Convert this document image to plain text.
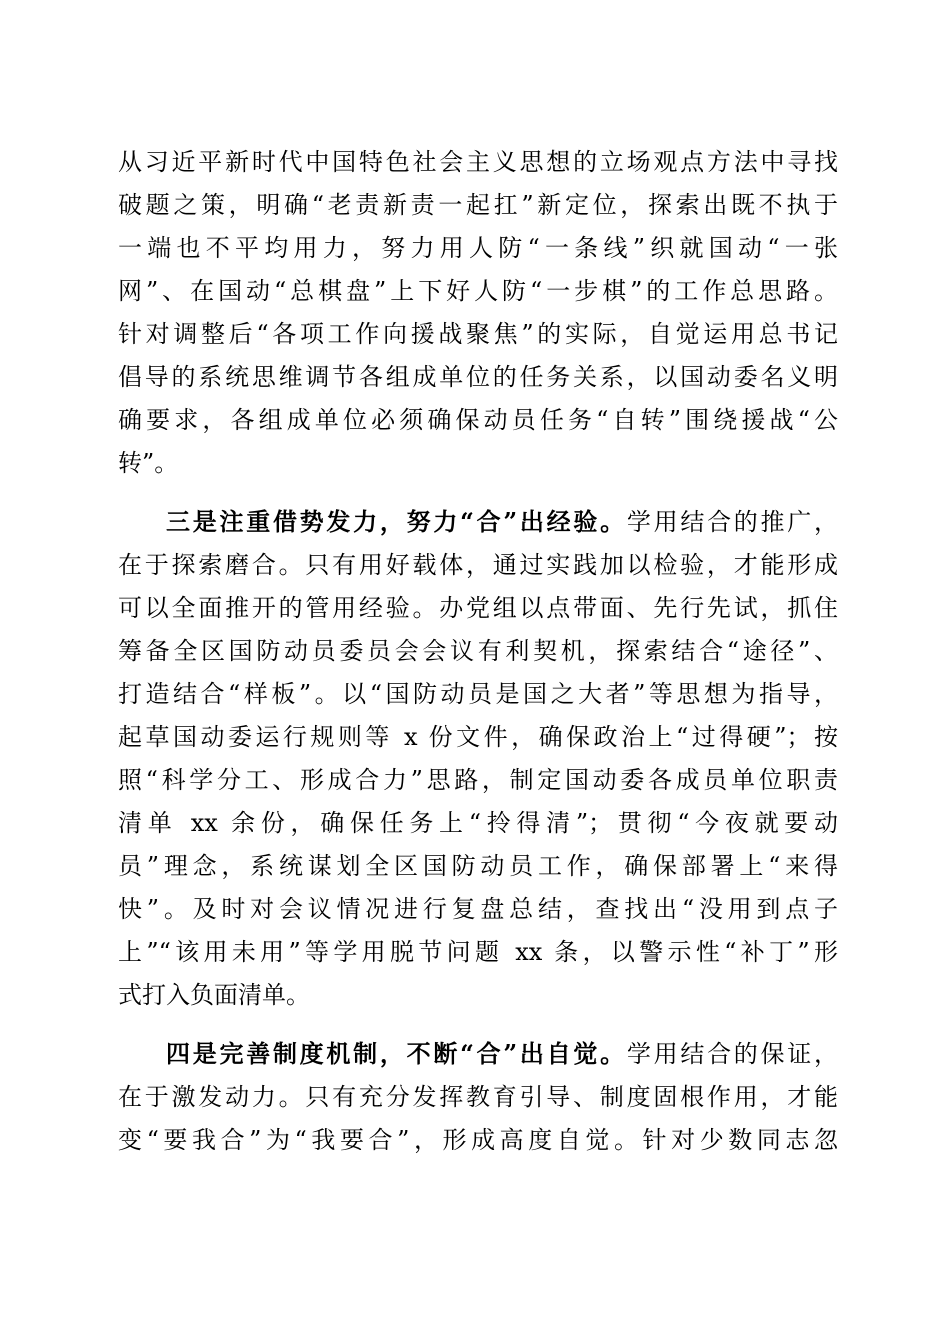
从习近平新时代中国特色社会主义思想的立场观点方法中寻找
破题之策，明确“老责新责一起扛”新定位，探索出既不执于
一端也不平均用力，努力用人防“一条线”织就国动“一张
网”、在国动“总棋盘”上下好人防“一步棋”的工作总思路。
针对调整后“各项工作向援战聚焦”的实际，自觉运用总书记
倡导的系统思维调节各组成单位的任务关系，以国动委名义明
确要求，各组成单位必须确保动员任务“自转”围绕援战“公
转”。
三是注重借势发力，努力“合”出经验。学用结合的推广，
在于探索磨合。只有用好载体，通过实践加以检验，才能形成
可以全面推开的管用经验。办党组以点带面、先行先试，抓住
筹备全区国防动员委员会会议有利契机，探索结合“途径”、
打造结合“样板”。以“国防动员是国之大者”等思想为指导，
起草国动委运行规则等 x 份文件，确保政治上“过得硬”；按
照“科学分工、形成合力”思路，制定国动委各成员单位职责
清单 xx 余份，确保任务上“拎得清”；贯彻“今夜就要动
员”理念，系统谋划全区国防动员工作，确保部署上“来得
快”。及时对会议情况进行复盘总结，查找出“没用到点子
上”“该用未用”等学用脱节问题 xx 条，以警示性“补丁”形
式打入负面清单。
四是完善制度机制，不断“合”出自觉。学用结合的保证，
在于激发动力。只有充分发挥教育引导、制度固根作用，才能
变“要我合”为“我要合”，形成高度自觉。针对少数同志忽
